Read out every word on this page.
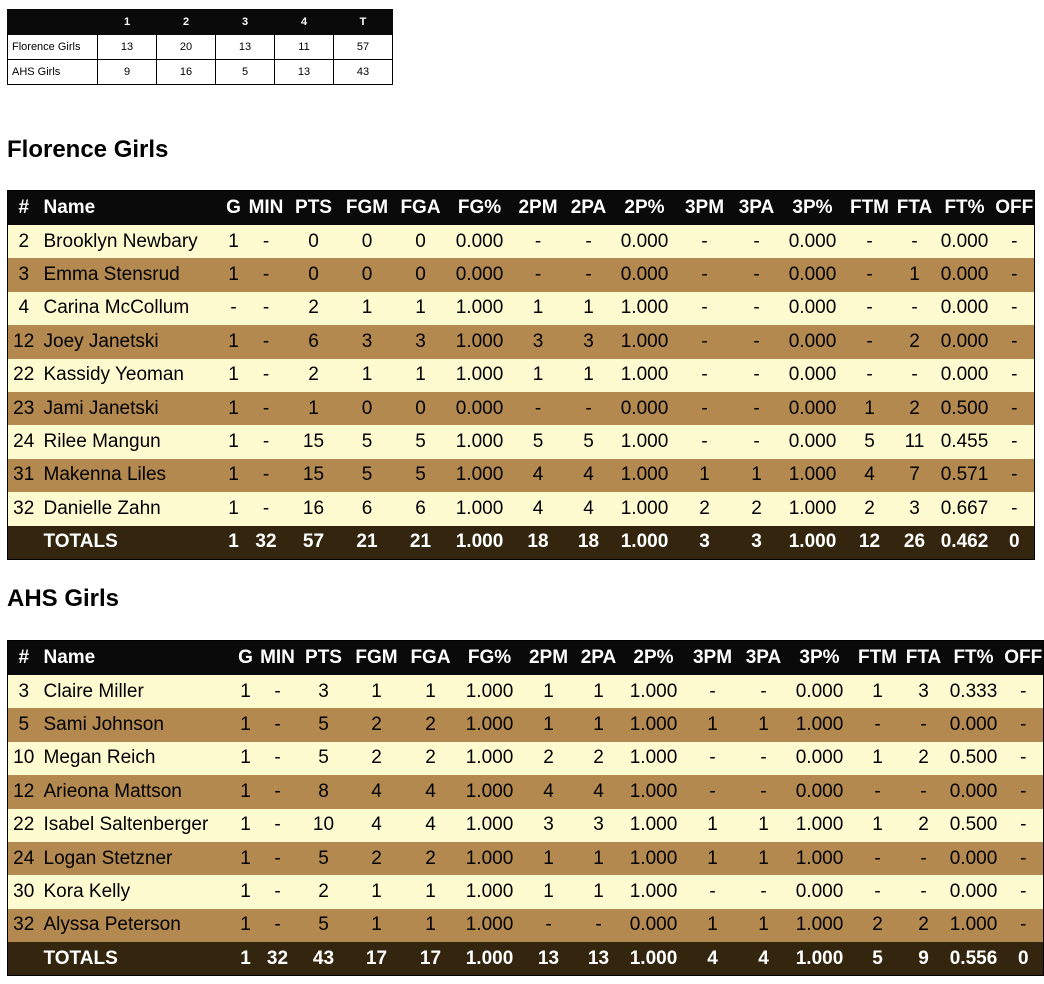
	1	2	3	4	T
Florence Girls	13	20	13	11	57
AHS Girls	9	16	5	13	43
Florence Girls
#	Name	G	MIN	PTS	FGM	FGA	FG%	2PM	2PA	2P%	3PM	3PA	3P%	FTM	FTA	FT%	OFF
2	Brooklyn Newbary	1	-	0	0	0	0.000	-	-	0.000	-	-	0.000	-	-	0.000	-
3	Emma Stensrud	1	-	0	0	0	0.000	-	-	0.000	-	-	0.000	-	1	0.000	-
4	Carina McCollum	-	-	2	1	1	1.000	1	1	1.000	-	-	0.000	-	-	0.000	-
12	Joey Janetski	1	-	6	3	3	1.000	3	3	1.000	-	-	0.000	-	2	0.000	-
22	Kassidy Yeoman	1	-	2	1	1	1.000	1	1	1.000	-	-	0.000	-	-	0.000	-
23	Jami Janetski	1	-	1	0	0	0.000	-	-	0.000	-	-	0.000	1	2	0.500	-
24	Rilee Mangun	1	-	15	5	5	1.000	5	5	1.000	-	-	0.000	5	11	0.455	-
31	Makenna Liles	1	-	15	5	5	1.000	4	4	1.000	1	1	1.000	4	7	0.571	-
32	Danielle Zahn	1	-	16	6	6	1.000	4	4	1.000	2	2	1.000	2	3	0.667	-
	TOTALS	1	32	57	21	21	1.000	18	18	1.000	3	3	1.000	12	26	0.462	0
AHS Girls
#	Name	G	MIN	PTS	FGM	FGA	FG%	2PM	2PA	2P%	3PM	3PA	3P%	FTM	FTA	FT%	OFF
3	Claire Miller	1	-	3	1	1	1.000	1	1	1.000	-	-	0.000	1	3	0.333	-
5	Sami Johnson	1	-	5	2	2	1.000	1	1	1.000	1	1	1.000	-	-	0.000	-
10	Megan Reich	1	-	5	2	2	1.000	2	2	1.000	-	-	0.000	1	2	0.500	-
12	Arieona Mattson	1	-	8	4	4	1.000	4	4	1.000	-	-	0.000	-	-	0.000	-
22	Isabel Saltenberger	1	-	10	4	4	1.000	3	3	1.000	1	1	1.000	1	2	0.500	-
24	Logan Stetzner	1	-	5	2	2	1.000	1	1	1.000	1	1	1.000	-	-	0.000	-
30	Kora Kelly	1	-	2	1	1	1.000	1	1	1.000	-	-	0.000	-	-	0.000	-
32	Alyssa Peterson	1	-	5	1	1	1.000	-	-	0.000	1	1	1.000	2	2	1.000	-
	TOTALS	1	32	43	17	17	1.000	13	13	1.000	4	4	1.000	5	9	0.556	0
